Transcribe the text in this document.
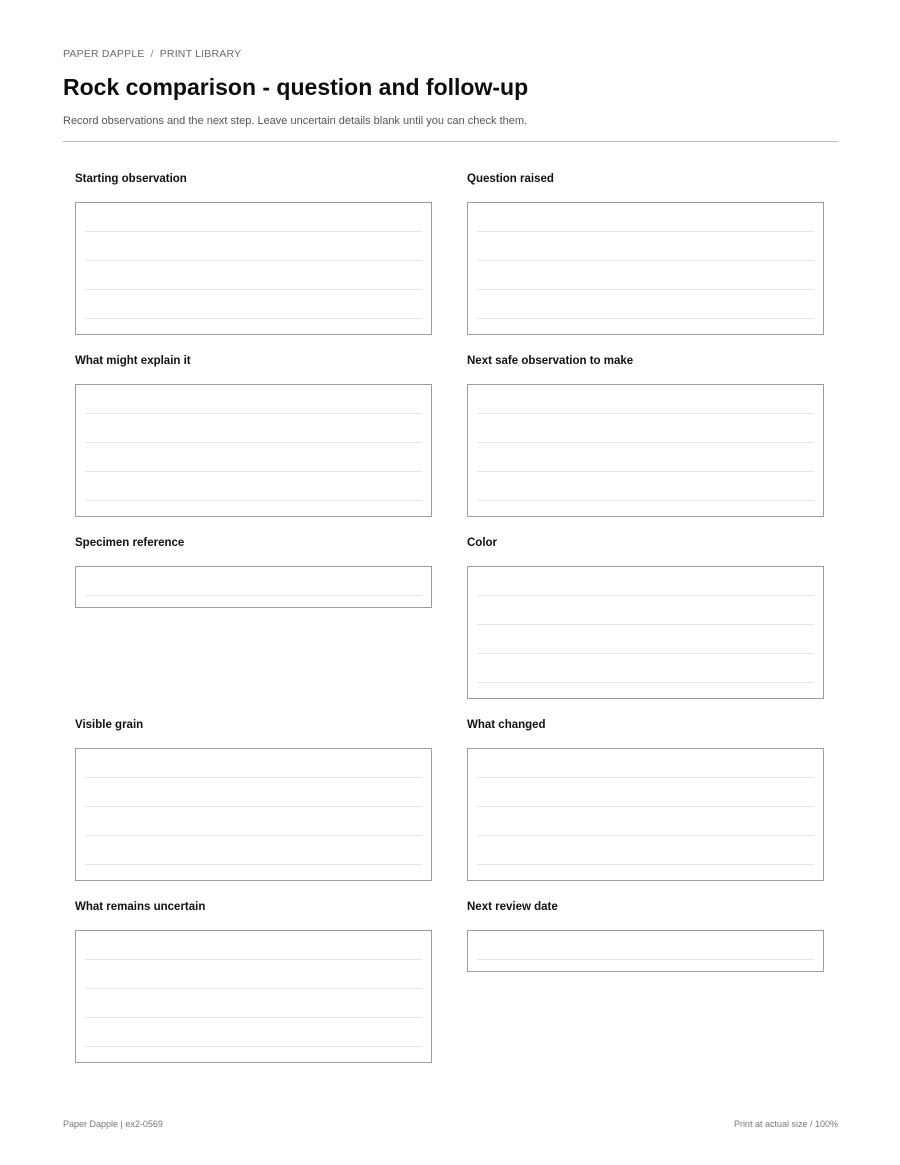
PAPER DAPPLE / PRINT LIBRARY
Rock comparison - question and follow-up
Record observations and the next step. Leave uncertain details blank until you can check them.
Starting observation	Question raised
What might explain it	Next safe observation to make
Specimen reference	Color
Visible grain	What changed
What remains uncertain	Next review date
Paper Dapple | ex2-0569	Print at actual size / 100%
